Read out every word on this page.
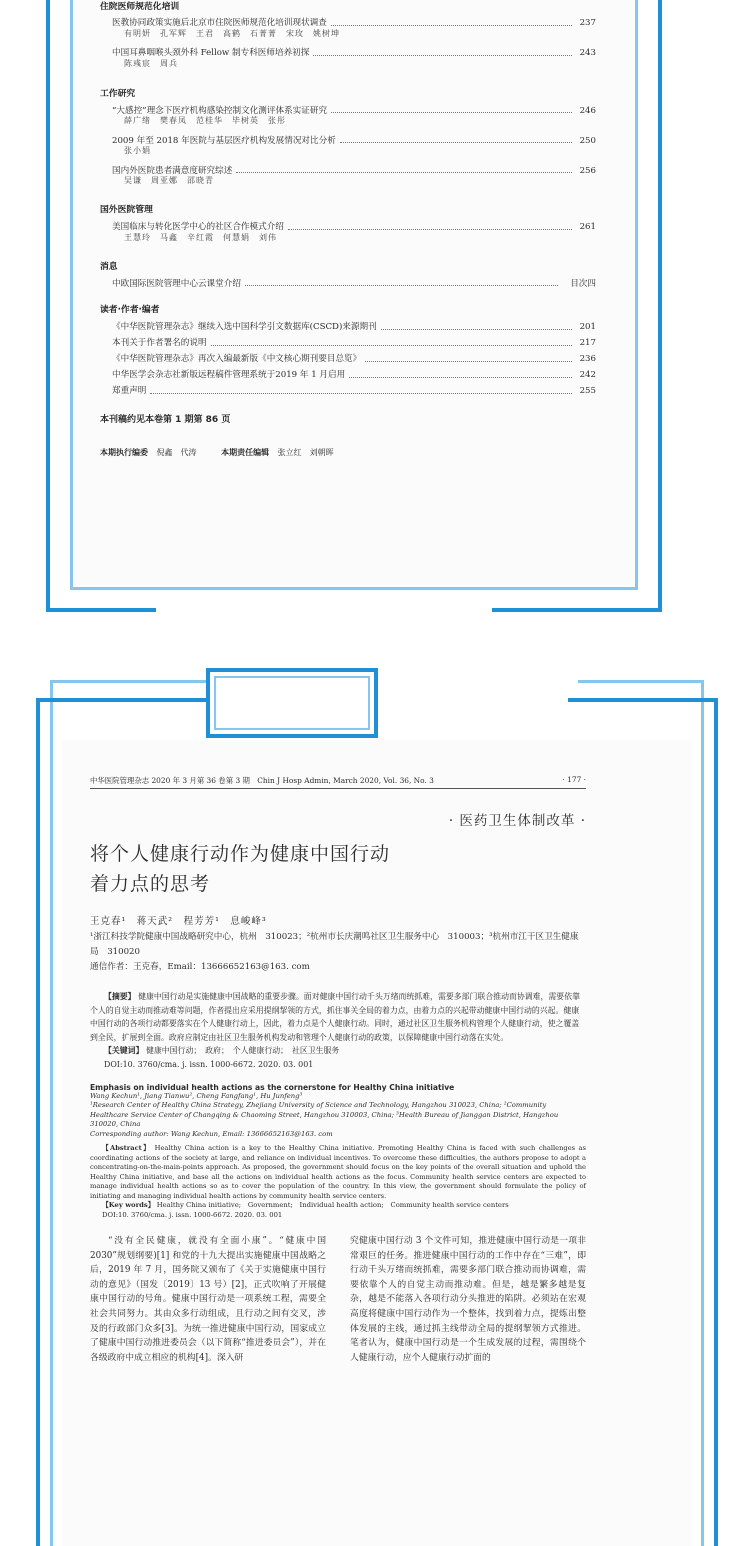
住院医师规范化培训
医教协同政策实施后北京市住院医师规范化培训现状调查	237
有明妍　孔军辉　王君　高鹤　石菁菁　宋玫　姚树坤
中国耳鼻咽喉头颈外科 Fellow 制专科医师培养初探	243
陈彧宸　周兵
工作研究
“大感控”理念下医疗机构感染控制文化测评体系实证研究	246
薛广绪　樊春凤　范桂华　毕树英　张彤
2009 年至 2018 年医院与基层医疗机构发展情况对比分析	250
张小娟
国内外医院患者满意度研究综述	256
吴谦　周亚娜　邵晓青
国外医院管理
美国临床与转化医学中心的社区合作模式介绍	261
王慧玲　马鑫　辛红霞　何慧娟　刘伟
消息
中欧国际医院管理中心云课堂介绍	目次四
读者·作者·编者
《中华医院管理杂志》继续入选中国科学引文数据库(CSCD)来源期刊	201
本刊关于作者署名的说明	217
《中华医院管理杂志》再次入编最新版《中文核心期刊要目总览》	236
中华医学会杂志社新版远程稿件管理系统于2019 年 1 月启用	242
郑重声明	255
本刊稿约见本卷第 1 期第 86 页
本期执行编委 倪鑫　代涛	本期责任编辑 张立红　刘朝晖
中华医院管理杂志 2020 年 3 月第 36 卷第 3 期　Chin J Hosp Admin, March 2020, Vol. 36, No. 3	· 177 ·
· 医药卫生体制改革 ·
将个人健康行动作为健康中国行动
着力点的思考
王克春¹　蒋天武²　程芳芳¹　息峻峰³
¹浙江科技学院健康中国战略研究中心，杭州　310023；²杭州市长庆潮鸣社区卫生服务中心　310003；³杭州市江干区卫生健康局　310020
通信作者：王克春，Email：13666652163@163. com
【摘要】 健康中国行动是实施健康中国战略的重要步骤。面对健康中国行动千头万绪而统抓难，需要多部门联合推动而协调难，需要依靠个人的自觉主动而推动难等问题，作者提出应采用提纲挈领的方式，抓住事关全局的着力点，由着力点的兴起带动健康中国行动的兴起。健康中国行动的各项行动都要落实在个人健康行动上，因此，着力点是个人健康行动。同时，通过社区卫生服务机构管理个人健康行动，使之覆盖到全民，扩展到全面。政府应制定由社区卫生服务机构发动和管理个人健康行动的政策，以保障健康中国行动落在实处。
【关键词】 健康中国行动；　政府；　个人健康行动；　社区卫生服务
DOI:10. 3760/cma. j. issn. 1000-6672. 2020. 03. 001
Emphasis on individual health actions as the cornerstone for Healthy China initiative
Wang Kechun¹, Jiang Tianwu², Cheng Fangfang¹, Hu Junfeng³
¹Research Center of Healthy China Strategy, Zhejiang University of Science and Technology, Hangzhou 310023, China; ²Community Healthcare Service Center of Changqing & Chaoming Street, Hangzhou 310003, China; ³Health Bureau of Jianggan District, Hangzhou 310020, China
Corresponding author: Wang Kechun, Email: 13666652163@163. com
【Abstract】 Healthy China action is a key to the Healthy China initiative. Promoting Healthy China is faced with such challenges as coordinating actions of the society at large, and reliance on individual incentives. To overcome these difficulties, the authors propose to adopt a concentrating-on-the-main-points approach. As proposed, the government should focus on the key points of the overall situation and uphold the Healthy China initiative, and base all the actions on individual health actions as the focus. Community health service centers are expected to manage individual health actions so as to cover the population of the country. In this view, the government should formulate the policy of initiating and managing individual health actions by community health service centers.
【Key words】 Healthy China initiative;　Government;　Individual health action;　Community health service centers
DOI:10. 3760/cma. j. issn. 1000-6672. 2020. 03. 001
“没有全民健康，就没有全面小康”。“健康中国 2030”规划纲要)[1] 和党的十九大提出实施健康中国战略之后，2019 年 7 月，国务院又颁布了《关于实施健康中国行动的意见》（国发〔2019〕13 号）[2]，正式吹响了开展健康中国行动的号角。健康中国行动是一项系统工程，需要全社会共同努力。其由众多行动组成，且行动之间有交叉，涉及的行政部门众多[3]。为统一推进健康中国行动，国家成立了健康中国行动推进委员会（以下简称“推进委员会”），并在各级政府中成立相应的机构[4]。深入研
究健康中国行动 3 个文件可知，推进健康中国行动是一项非常艰巨的任务。推进健康中国行动的工作中存在“三难”，即行动千头万绪而统抓难，需要多部门联合推动而协调难，需要依靠个人的自觉主动而推动难。但是，越是繁多越是复杂，越是不能落入各项行动分头推进的陷阱。必须站在宏观高度将健康中国行动作为一个整体，找到着力点，提炼出整体发展的主线，通过抓主线带动全局的提纲挈领方式推进。笔者认为，健康中国行动是一个生成发展的过程，需围绕个人健康行动，应个人健康行动扩面的
